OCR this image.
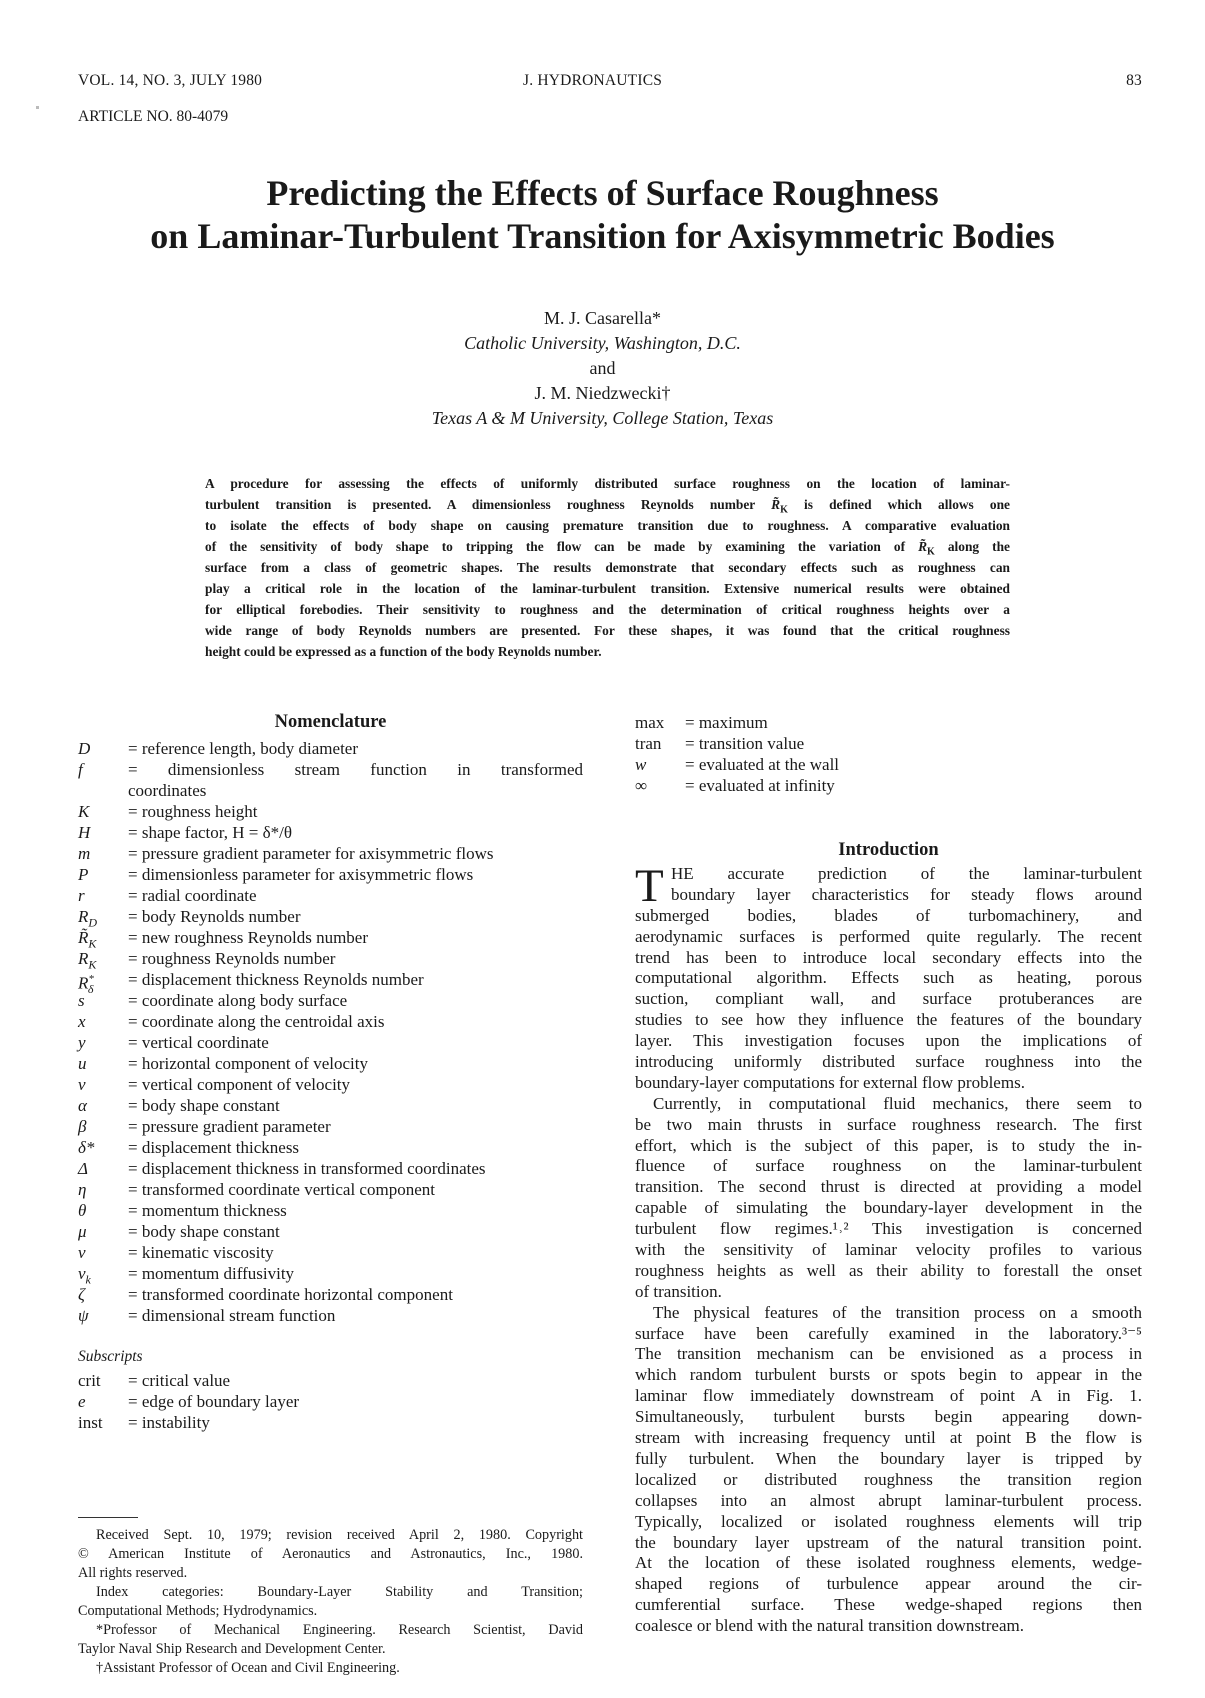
VOL. 14, NO. 3, JULY 1980	J. HYDRONAUTICS	83
ARTICLE NO. 80-4079
Predicting the Effects of Surface Roughness
on Laminar-Turbulent Transition for Axisymmetric Bodies
M. J. Casarella*
Catholic University, Washington, D.C.
and
J. M. Niedzwecki†
Texas A & M University, College Station, Texas
A procedure for assessing the effects of uniformly distributed surface roughness on the location of laminar-
turbulent transition is presented. A dimensionless roughness Reynolds number $R̃_K$ is defined which allows one
to isolate the effects of body shape on causing premature transition due to roughness. A comparative evaluation
of the sensitivity of body shape to tripping the flow can be made by examining the variation of $R̃_K$ along the
surface from a class of geometric shapes. The results demonstrate that secondary effects such as roughness can
play a critical role in the location of the laminar-turbulent transition. Extensive numerical results were obtained
for elliptical forebodies. Their sensitivity to roughness and the determination of critical roughness heights over a
wide range of body Reynolds numbers are presented. For these shapes, it was found that the critical roughness
height could be expressed as a function of the body Reynolds number.
Nomenclature
D	= reference length, body diameter
f	= dimensionless stream function in transformed
coordinates
K	= roughness height
H	= shape factor, H = δ*/θ
m	= pressure gradient parameter for axisymmetric flows
P	= dimensionless parameter for axisymmetric flows
r	= radial coordinate
$R_D$	= body Reynolds number
$R̃_K$	= new roughness Reynolds number
$R_K$	= roughness Reynolds number
$R^*_\delta$
= displacement thickness Reynolds number
s	= coordinate along body surface
x	= coordinate along the centroidal axis
y	= vertical coordinate
u	= horizontal component of velocity
v	= vertical component of velocity
α	= body shape constant
β	= pressure gradient parameter
δ*	= displacement thickness
Δ	= displacement thickness in transformed coordinates
η	= transformed coordinate vertical component
θ	= momentum thickness
μ	= body shape constant
ν	= kinematic viscosity
$\nu_k$	= momentum diffusivity
ζ	= transformed coordinate horizontal component
ψ	= dimensional stream function
Subscripts
crit	= critical value
e	= edge of boundary layer
inst	= instability
Received Sept. 10, 1979; revision received April 2, 1980. Copyright
© American Institute of Aeronautics and Astronautics, Inc., 1980.
All rights reserved.
Index categories: Boundary-Layer Stability and Transition;
Computational Methods; Hydrodynamics.
*Professor of Mechanical Engineering. Research Scientist, David
Taylor Naval Ship Research and Development Center.
†Assistant Professor of Ocean and Civil Engineering.
max	= maximum
tran	= transition value
w	= evaluated at the wall
∞	= evaluated at infinity
Introduction
T HE accurate prediction of the laminar-turbulent
boundary layer characteristics for steady flows around
submerged bodies, blades of turbomachinery, and
aerodynamic surfaces is performed quite regularly. The recent
trend has been to introduce local secondary effects into the
computational algorithm. Effects such as heating, porous
suction, compliant wall, and surface protuberances are
studies to see how they influence the features of the boundary
layer. This investigation focuses upon the implications of
introducing uniformly distributed surface roughness into the
boundary-layer computations for external flow problems.
Currently, in computational fluid mechanics, there seem to
be two main thrusts in surface roughness research. The first
effort, which is the subject of this paper, is to study the in-
fluence of surface roughness on the laminar-turbulent
transition. The second thrust is directed at providing a model
capable of simulating the boundary-layer development in the
turbulent flow regimes.¹˒² This investigation is concerned
with the sensitivity of laminar velocity profiles to various
roughness heights as well as their ability to forestall the onset
of transition.
The physical features of the transition process on a smooth
surface have been carefully examined in the laboratory.³⁻⁵
The transition mechanism can be envisioned as a process in
which random turbulent bursts or spots begin to appear in the
laminar flow immediately downstream of point A in Fig. 1.
Simultaneously, turbulent bursts begin appearing down-
stream with increasing frequency until at point B the flow is
fully turbulent. When the boundary layer is tripped by
localized or distributed roughness the transition region
collapses into an almost abrupt laminar-turbulent process.
Typically, localized or isolated roughness elements will trip
the boundary layer upstream of the natural transition point.
At the location of these isolated roughness elements, wedge-
shaped regions of turbulence appear around the cir-
cumferential surface. These wedge-shaped regions then
coalesce or blend with the natural transition downstream.
